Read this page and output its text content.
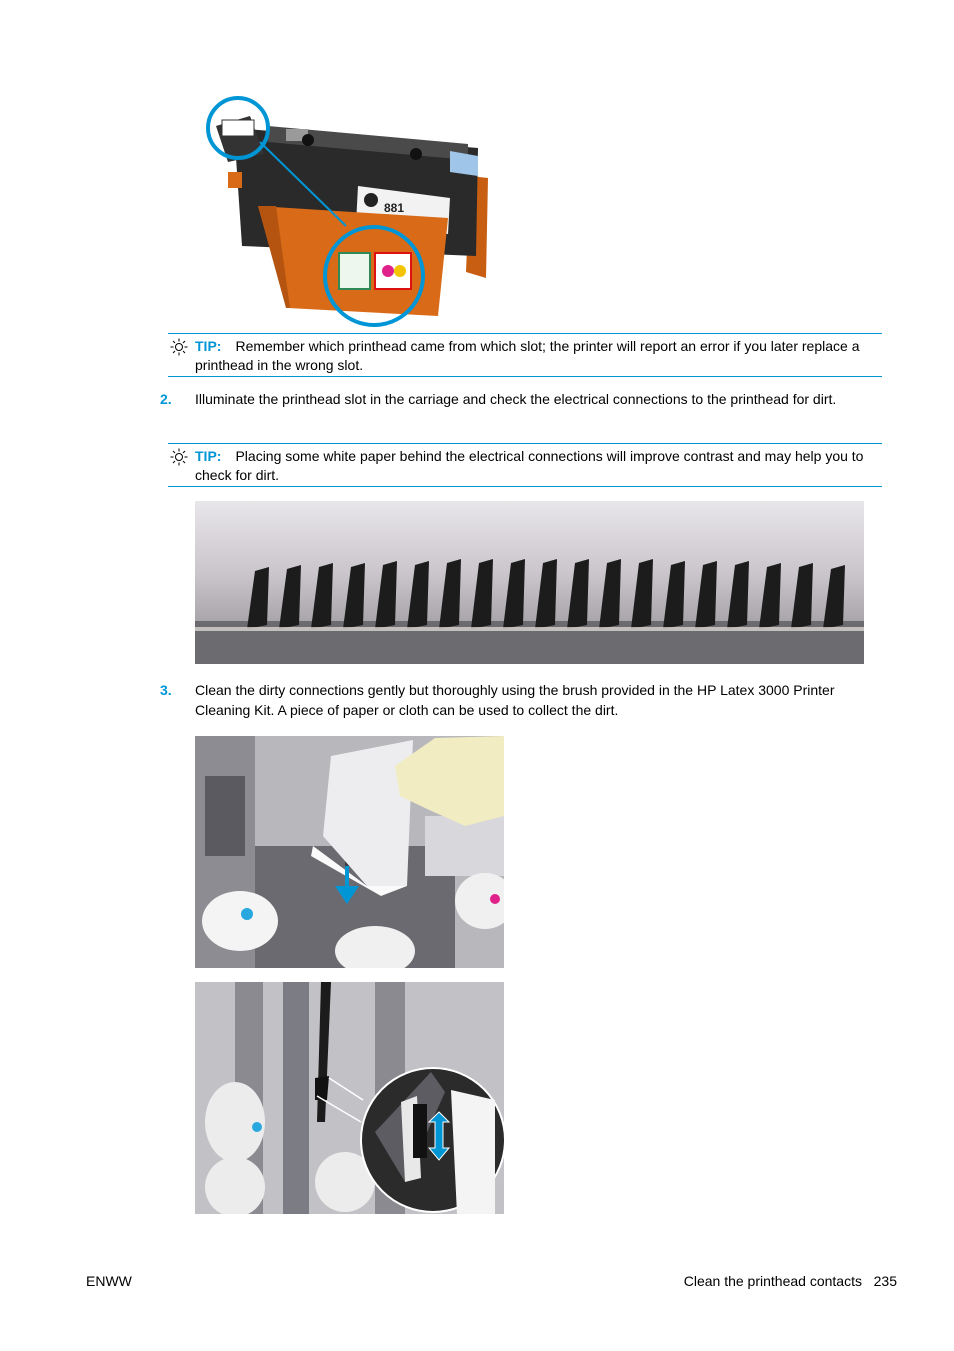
881
TIP: Remember which printhead came from which slot; the printer will report an error if you later replace a printhead in the wrong slot.
2. Illuminate the printhead slot in the carriage and check the electrical connections to the printhead for dirt.
TIP: Placing some white paper behind the electrical connections will improve contrast and may help you to check for dirt.
3. Clean the dirty connections gently but thoroughly using the brush provided in the HP Latex 3000 Printer Cleaning Kit. A piece of paper or cloth can be used to collect the dirt.
ENWW	Clean the printhead contacts 235
